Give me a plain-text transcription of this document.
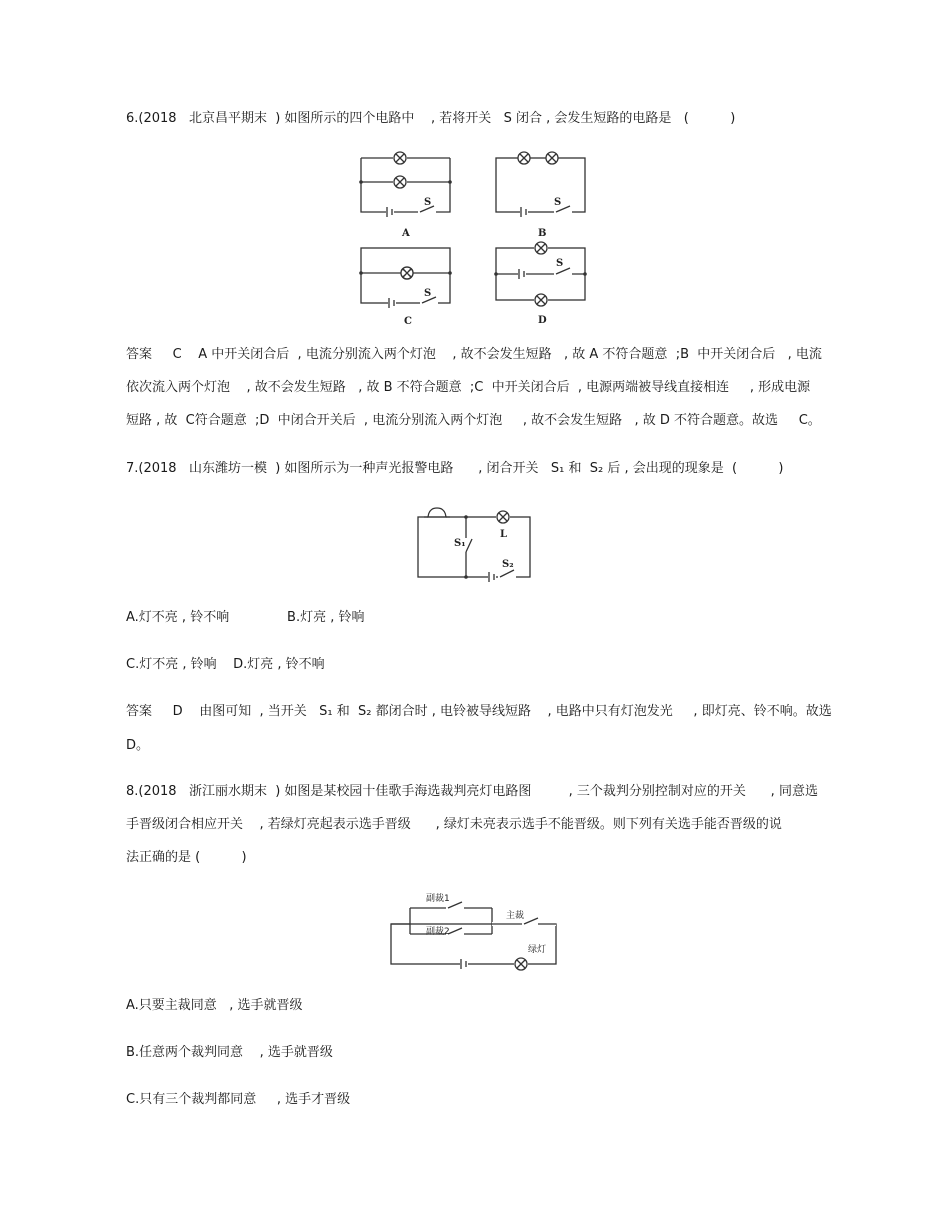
6.(2018   北京昌平期末  ) 如图所示的四个电路中    , 若将开关   S 闭合 , 会发生短路的电路是   (          )
S
A
S
B
S
C
S
D
答案     C    A 中开关闭合后  , 电流分别流入两个灯泡    , 故不会发生短路   , 故 A 不符合题意  ;B  中开关闭合后   , 电流
依次流入两个灯泡    , 故不会发生短路   , 故 B 不符合题意  ;C  中开关闭合后  , 电源两端被导线直接相连     , 形成电源
短路 , 故  C符合题意  ;D  中闭合开关后  , 电流分别流入两个灯泡     , 故不会发生短路   , 故 D 不符合题意。故选     C。
7.(2018   山东潍坊一模  ) 如图所示为一种声光报警电路      , 闭合开关   S₁ 和  S₂ 后 , 会出现的现象是  (          )
S₁
L
S₂
A.灯不亮 , 铃不响              B.灯亮 , 铃响
C.灯不亮 , 铃响    D.灯亮 , 铃不响
答案     D    由图可知  , 当开关   S₁ 和  S₂ 都闭合时 , 电铃被导线短路    , 电路中只有灯泡发光     , 即灯亮、铃不响。故选
D。
8.(2018   浙江丽水期末  ) 如图是某校园十佳歌手海选裁判亮灯电路图         , 三个裁判分别控制对应的开关      , 同意选
手晋级闭合相应开关    , 若绿灯亮起表示选手晋级      , 绿灯未亮表示选手不能晋级。则下列有关选手能否晋级的说
法正确的是 (          )
副裁1
副裁2
主裁
绿灯
A.只要主裁同意   , 选手就晋级
B.任意两个裁判同意    , 选手就晋级
C.只有三个裁判都同意     , 选手才晋级
